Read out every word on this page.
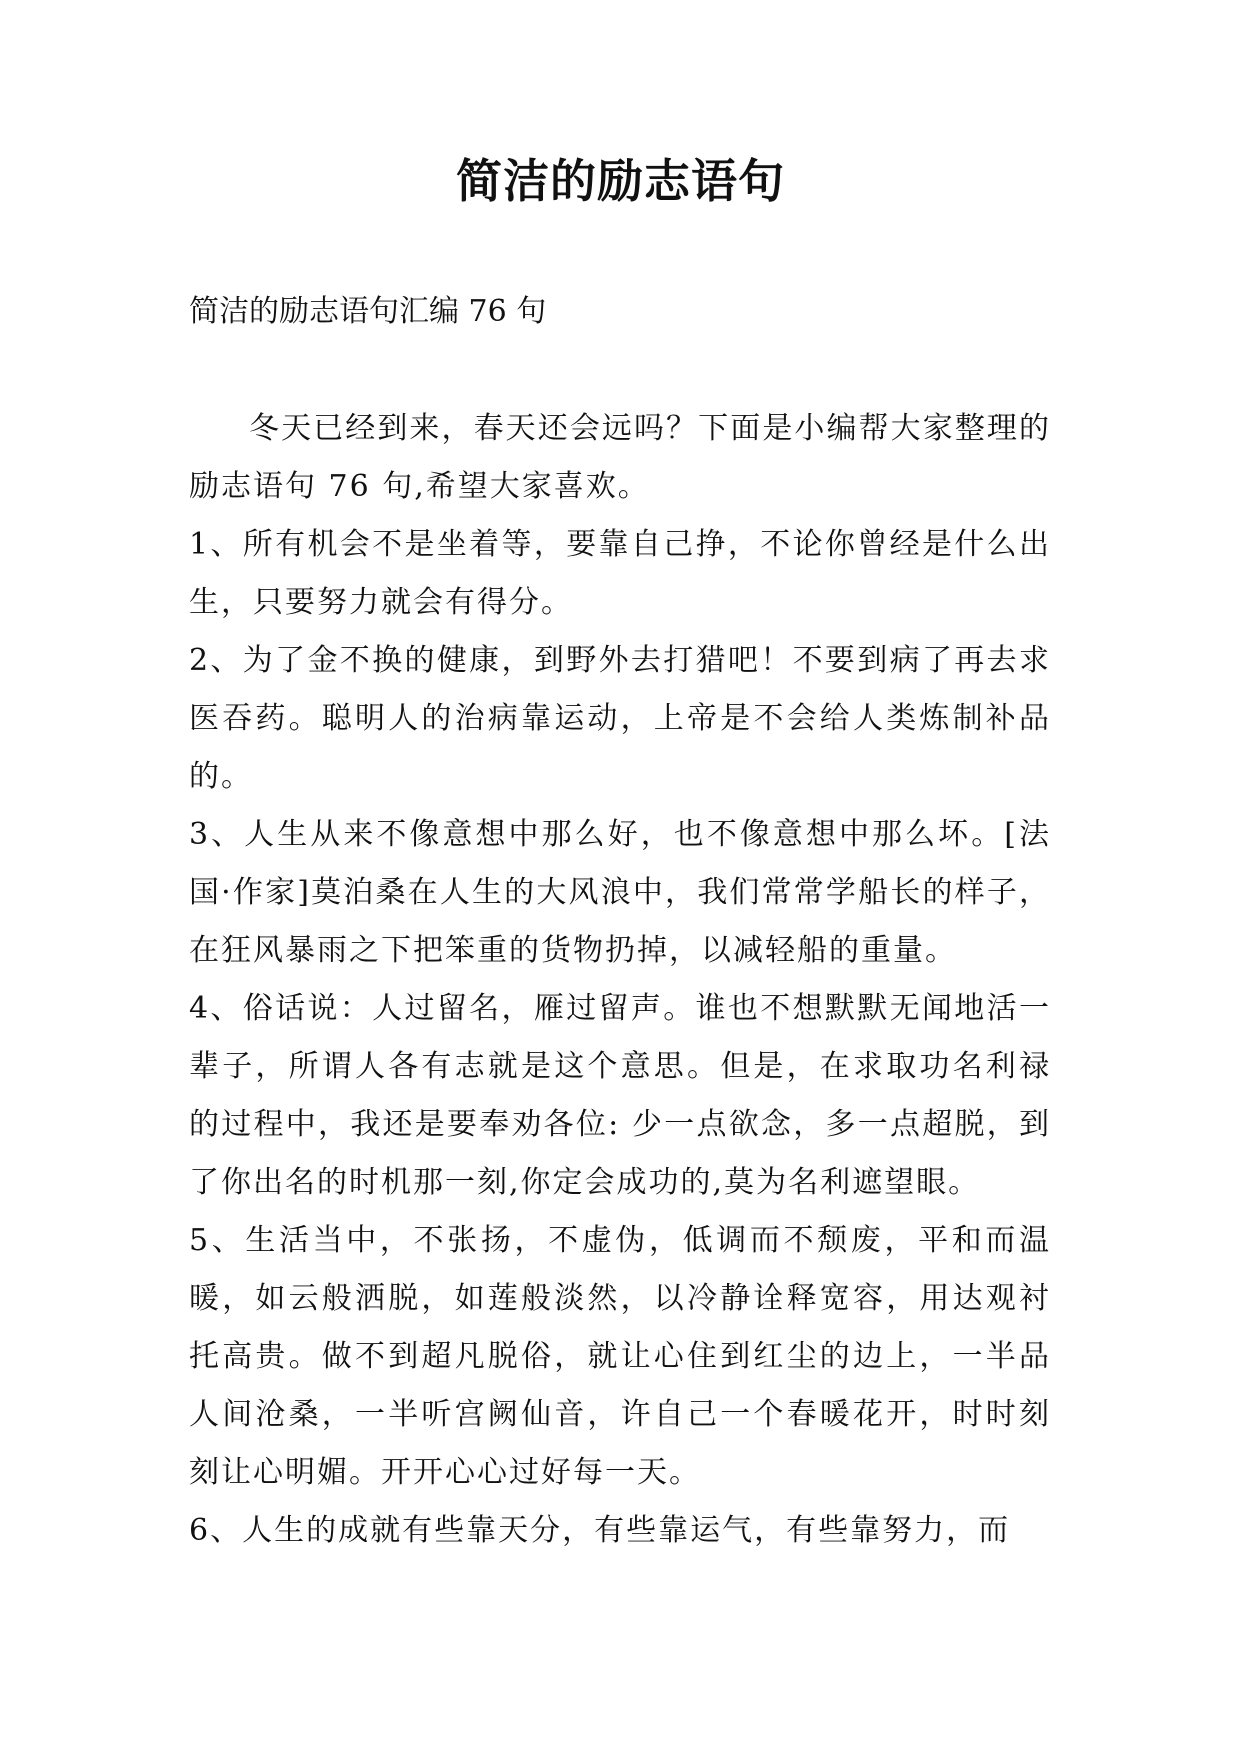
简洁的励志语句

简洁的励志语句汇编 76 句

冬天已经到来，春天还会远吗？下面是小编帮大家整理的励志语句 76 句,希望大家喜欢。

1、所有机会不是坐着等，要靠自己挣，不论你曾经是什么出生，只要努力就会有得分。

2、为了金不换的健康，到野外去打猎吧！不要到病了再去求医吞药。聪明人的治病靠运动，上帝是不会给人类炼制补品的。

3、人生从来不像意想中那么好，也不像意想中那么坏。[法国·作家]莫泊桑在人生的大风浪中，我们常常学船长的样子，在狂风暴雨之下把笨重的货物扔掉，以减轻船的重量。

4、俗话说：人过留名，雁过留声。谁也不想默默无闻地活一辈子，所谓人各有志就是这个意思。但是，在求取功名利禄的过程中，我还是要奉劝各位: 少一点欲念，多一点超脱，到了你出名的时机那一刻,你定会成功的,莫为名利遮望眼。

5、生活当中，不张扬，不虚伪，低调而不颓废，平和而温暖，如云般洒脱，如莲般淡然，以冷静诠释宽容，用达观衬托高贵。做不到超凡脱俗，就让心住到红尘的边上，一半品人间沧桑，一半听宫阙仙音，许自己一个春暖花开，时时刻刻让心明媚。开开心心过好每一天。

6、人生的成就有些靠天分，有些靠运气，有些靠努力，而
